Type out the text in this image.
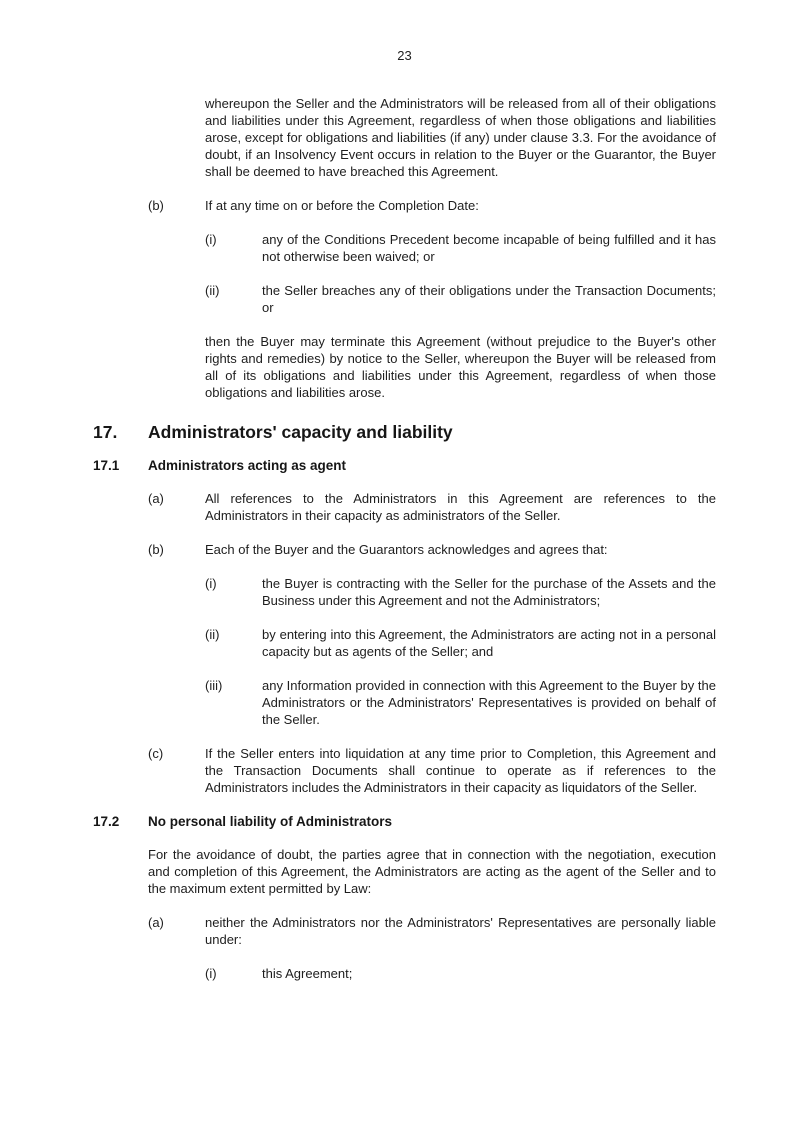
23
whereupon the Seller and the Administrators will be released from all of their obligations and liabilities under this Agreement, regardless of when those obligations and liabilities arose, except for obligations and liabilities (if any) under clause 3.3. For the avoidance of doubt, if an Insolvency Event occurs in relation to the Buyer or the Guarantor, the Buyer shall be deemed to have breached this Agreement.
(b)	If at any time on or before the Completion Date:
(i)	any of the Conditions Precedent become incapable of being fulfilled and it has not otherwise been waived; or
(ii)	the Seller breaches any of their obligations under the Transaction Documents; or
then the Buyer may terminate this Agreement (without prejudice to the Buyer's other rights and remedies) by notice to the Seller, whereupon the Buyer will be released from all of its obligations and liabilities under this Agreement, regardless of when those obligations and liabilities arose.
17.	Administrators' capacity and liability
17.1	Administrators acting as agent
(a)	All references to the Administrators in this Agreement are references to the Administrators in their capacity as administrators of the Seller.
(b)	Each of the Buyer and the Guarantors acknowledges and agrees that:
(i)	the Buyer is contracting with the Seller for the purchase of the Assets and the Business under this Agreement and not the Administrators;
(ii)	by entering into this Agreement, the Administrators are acting not in a personal capacity but as agents of the Seller; and
(iii)	any Information provided in connection with this Agreement to the Buyer by the Administrators or the Administrators' Representatives is provided on behalf of the Seller.
(c)	If the Seller enters into liquidation at any time prior to Completion, this Agreement and the Transaction Documents shall continue to operate as if references to the Administrators includes the Administrators in their capacity as liquidators of the Seller.
17.2	No personal liability of Administrators
For the avoidance of doubt, the parties agree that in connection with the negotiation, execution and completion of this Agreement, the Administrators are acting as the agent of the Seller and to the maximum extent permitted by Law:
(a)	neither the Administrators nor the Administrators' Representatives are personally liable under:
(i)	this Agreement;
